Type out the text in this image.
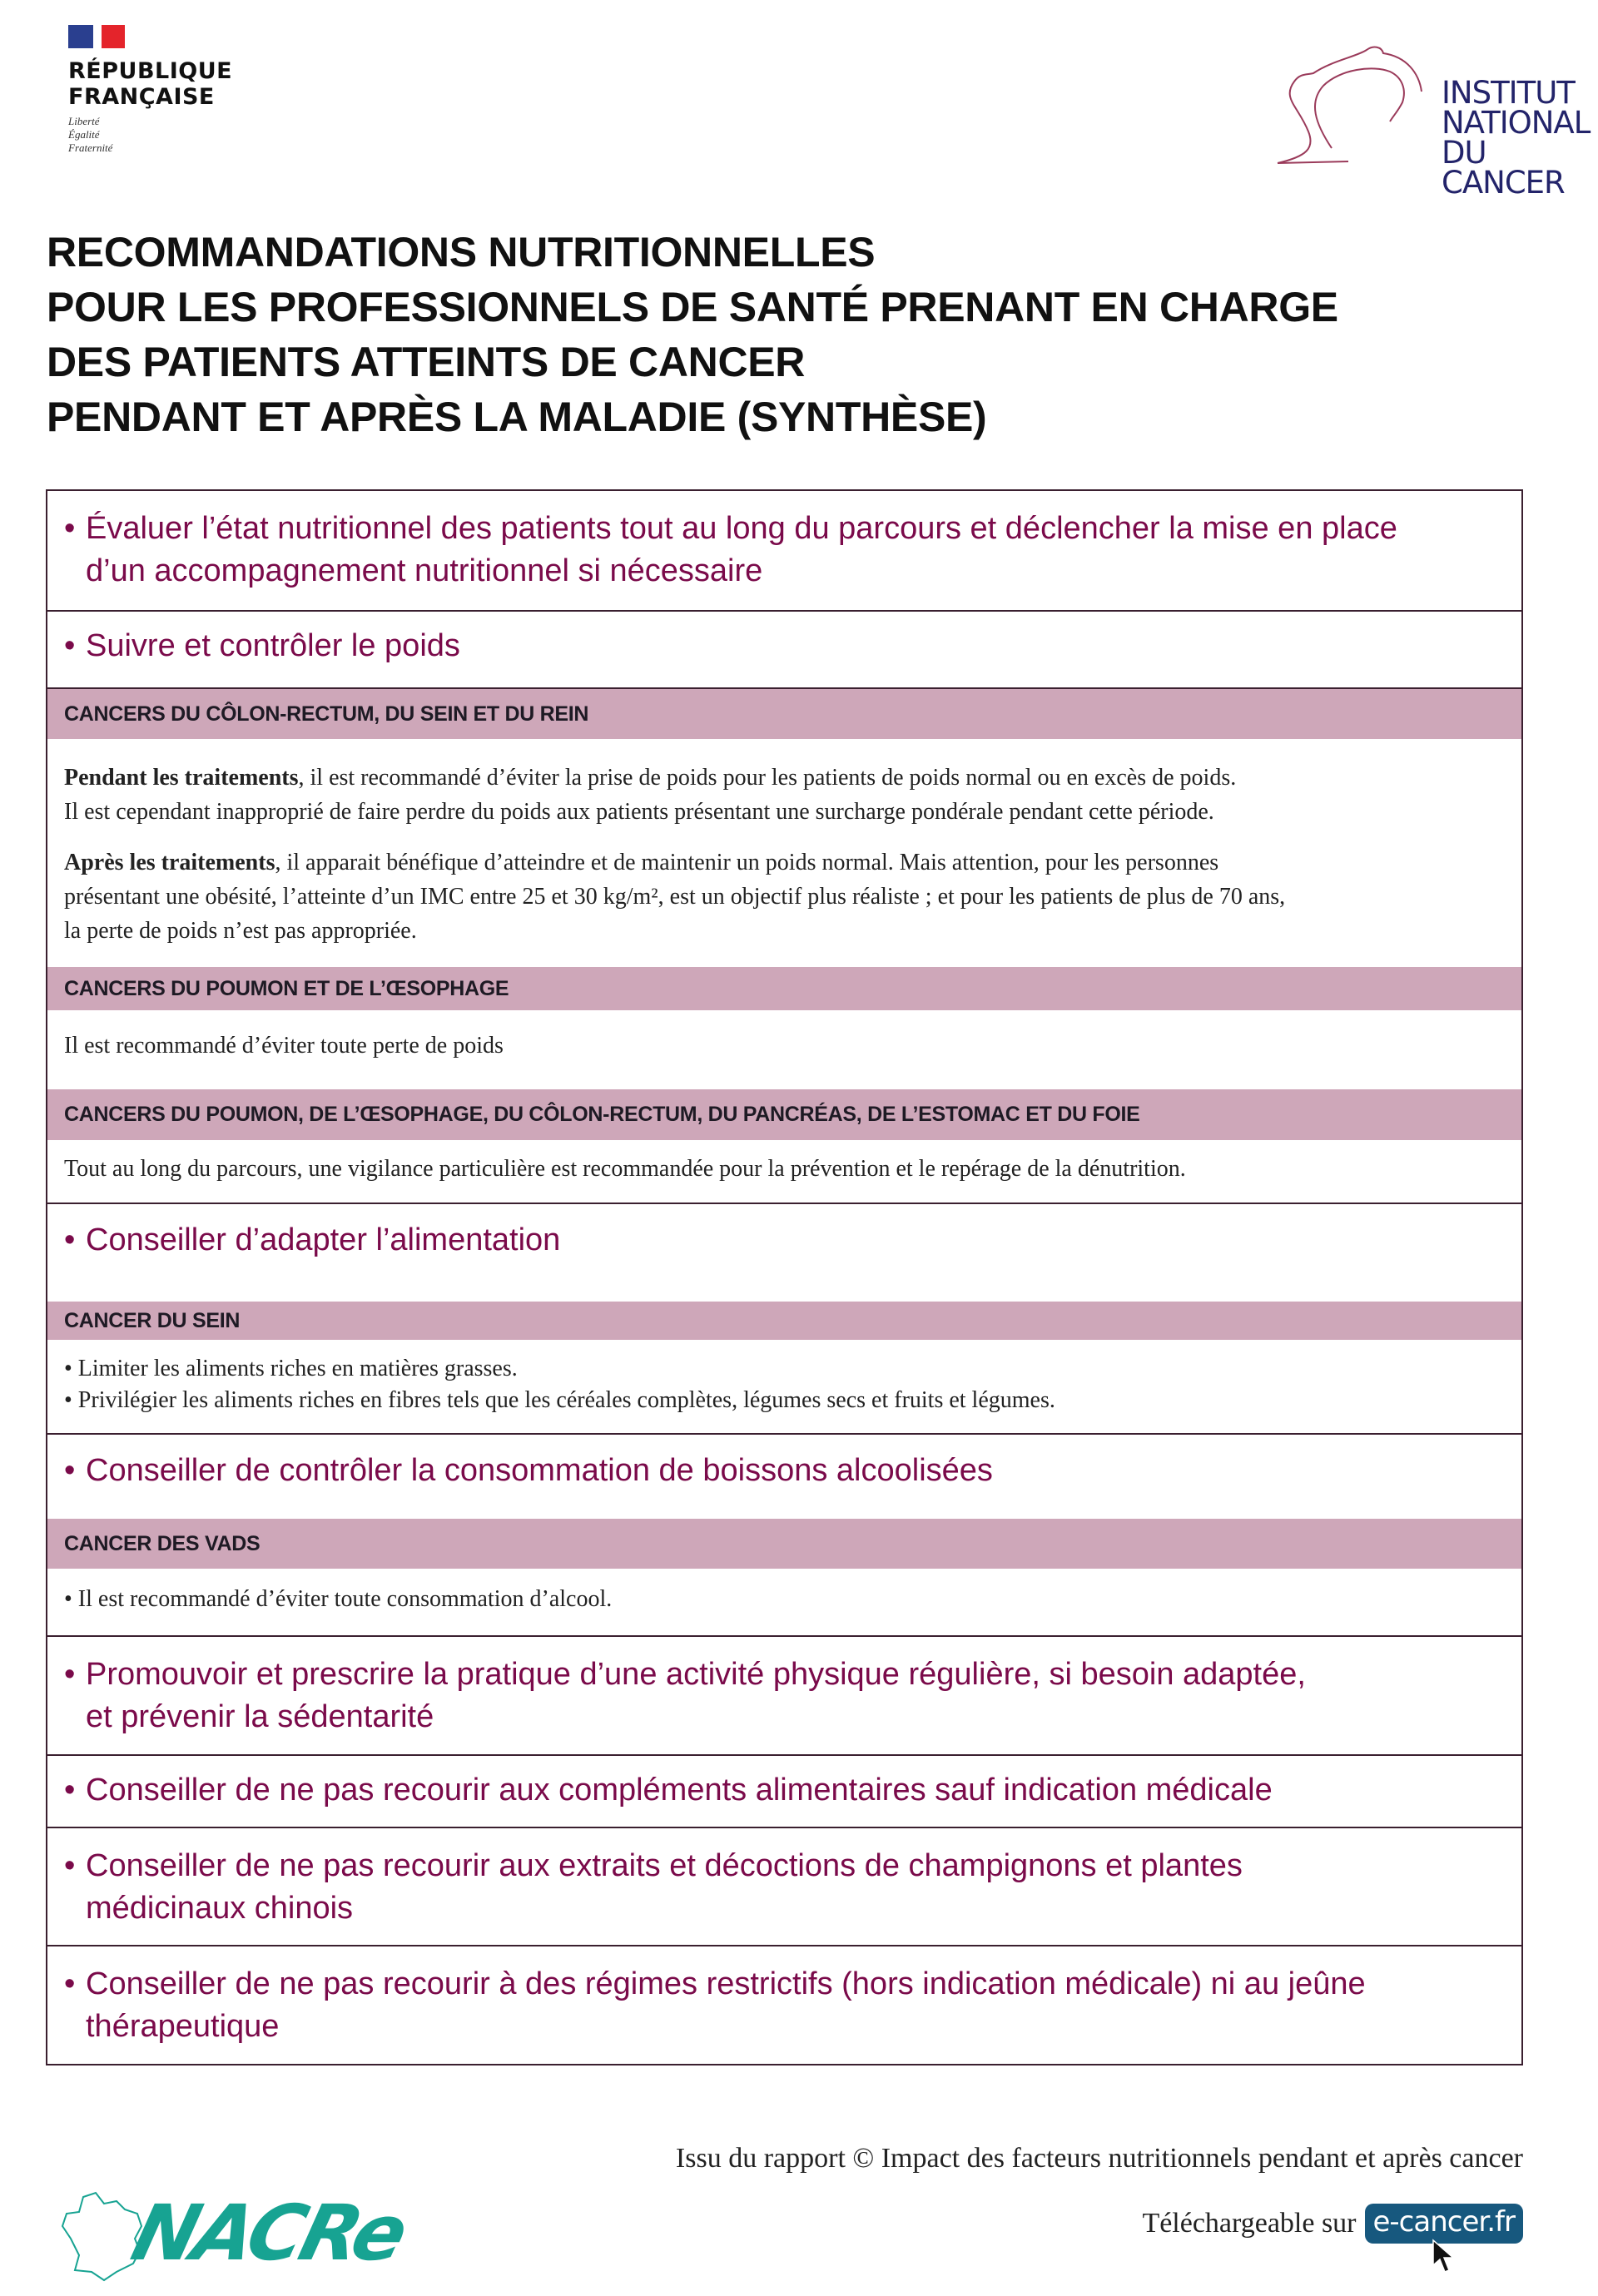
RÉPUBLIQUE
FRANÇAISE
Liberté
Égalité
Fraternité
INSTITUT
NATIONAL
DU CANCER
RECOMMANDATIONS NUTRITIONNELLES
POUR LES PROFESSIONNELS DE SANTÉ PRENANT EN CHARGE
DES PATIENTS ATTEINTS DE CANCER
PENDANT ET APRÈS LA MALADIE (SYNTHÈSE)
• Évaluer l’état nutritionnel des patients tout au long du parcours et déclencher la mise en place
d’un accompagnement nutritionnel si nécessaire
• Suivre et contrôler le poids
CANCERS DU CÔLON-RECTUM, DU SEIN ET DU REIN

Pendant les traitements, il est recommandé d’éviter la prise de poids pour les patients de poids normal ou en excès de poids.

Il est cependant inapproprié de faire perdre du poids aux patients présentant une surcharge pondérale pendant cette période.

Après les traitements, il apparait bénéfique d’atteindre et de maintenir un poids normal. Mais attention, pour les personnes

présentant une obésité, l’atteinte d’un IMC entre 25 et 30 kg/m², est un objectif plus réaliste ; et pour les patients de plus de 70 ans,

la perte de poids n’est pas appropriée.

CANCERS DU POUMON ET DE L’ŒSOPHAGE

Il est recommandé d’éviter toute perte de poids

CANCERS DU POUMON, DE L’ŒSOPHAGE, DU CÔLON-RECTUM, DU PANCRÉAS, DE L’ESTOMAC ET DU FOIE

Tout au long du parcours, une vigilance particulière est recommandée pour la prévention et le repérage de la dénutrition.

• Conseiller d’adapter l’alimentation
CANCER DU SEIN

• Limiter les aliments riches en matières grasses.

• Privilégier les aliments riches en fibres tels que les céréales complètes, légumes secs et fruits et légumes.

• Conseiller de contrôler la consommation de boissons alcoolisées
CANCER DES VADS

• Il est recommandé d’éviter toute consommation d’alcool.

• Promouvoir et prescrire la pratique d’une activité physique régulière, si besoin adaptée,
et prévenir la sédentarité
• Conseiller de ne pas recourir aux compléments alimentaires sauf indication médicale
• Conseiller de ne pas recourir aux extraits et décoctions de champignons et plantes
médicinaux chinois
• Conseiller de ne pas recourir à des régimes restrictifs (hors indication médicale) ni au jeûne
thérapeutique
Issu du rapport © Impact des facteurs nutritionnels pendant et après cancer
Téléchargeable sur e-cancer.fr
NACRe
